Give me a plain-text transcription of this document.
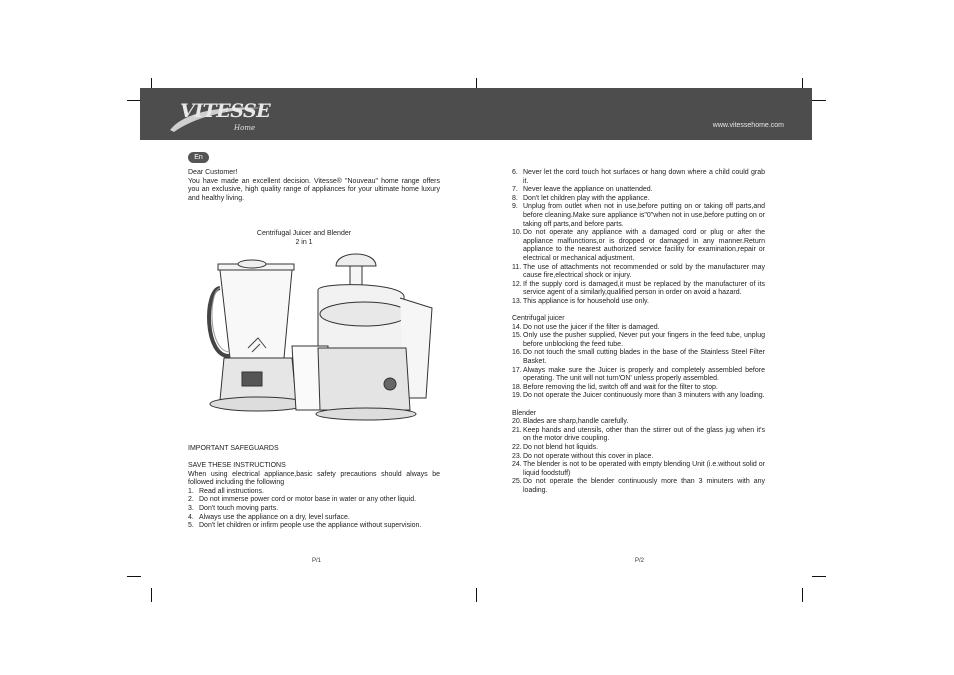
VITESSE
Home	www.vitessehome.com
En

Dear Customer!

You have made an excellent decision. Vitesse® "Nouveau" home range offers you an exclusive, high quality range of appliances for your ultimate home luxury and healthy living.

Centrifugal Juicer and Blender
2 in 1

IMPORTANT SAFEGUARDS

SAVE THESE INSTRUCTIONS

When using electrical appliance,basic safety precautions should always be followed including the following

1. Read all instructions.
2. Do not immerse power cord or motor base in water or any other liquid.
3. Don't touch moving parts.
4. Always use the appliance on a dry, level surface.
5. Don't let children or infirm people use the appliance without supervision.
6. Never let the cord touch hot surfaces or hang down where a child could grab it.
7. Never leave the appliance on unattended.
8. Don't let children play with the appliance.
9. Unplug from outlet when not in use,before putting on or taking off parts,and before cleaning.Make sure appliance is"0"when not in use,before putting on or taking off parts,and before parts.
10. Do not operate any appliance with a damaged cord or plug or after the appliance malfunctions,or is dropped or damaged in any manner.Return appliance to the nearest authorized service facility for examination,repair or electrical or mechanical adjustment.
11. The use of attachments not recommended or sold by the manufacturer may cause fire,electrical shock or injury.
12. If the supply cord is damaged,it must be replaced by the manufacturer of its service agent of a similarly,qualified person in order on avoid a hazard.
13. This appliance is for household use only.

Centrifugal juicer

14. Do not use the juicer if the filter is damaged.
15. Only use the pusher supplied, Never put your fingers in the feed tube, unplug before unblocking the feed tube.
16. Do not touch the small cutting blades in the base of the Stainless Steel Filter Basket.
17. Always make sure the Juicer is properly and completely assembled before operating. The unit will not turn'ON' unless properly assembled.
18. Before removing the lid, switch off and wait for the filter to stop.
19. Do not operate the Juicer continuously more than 3 minuters with any loading.

Blender

20. Blades are sharp,handle carefully.
21. Keep hands and utensils, other than the stirrer out of the glass jug when it's on the motor drive coupling.
22. Do not blend hot liquids.
23. Do not operate without this cover in place.
24. The blender is not to be operated with empty blending Unit (i.e.without solid or liquid foodstuff)
25. Do not operate the blender continuously more than 3 minuters with any loading.
P/1	P/2
